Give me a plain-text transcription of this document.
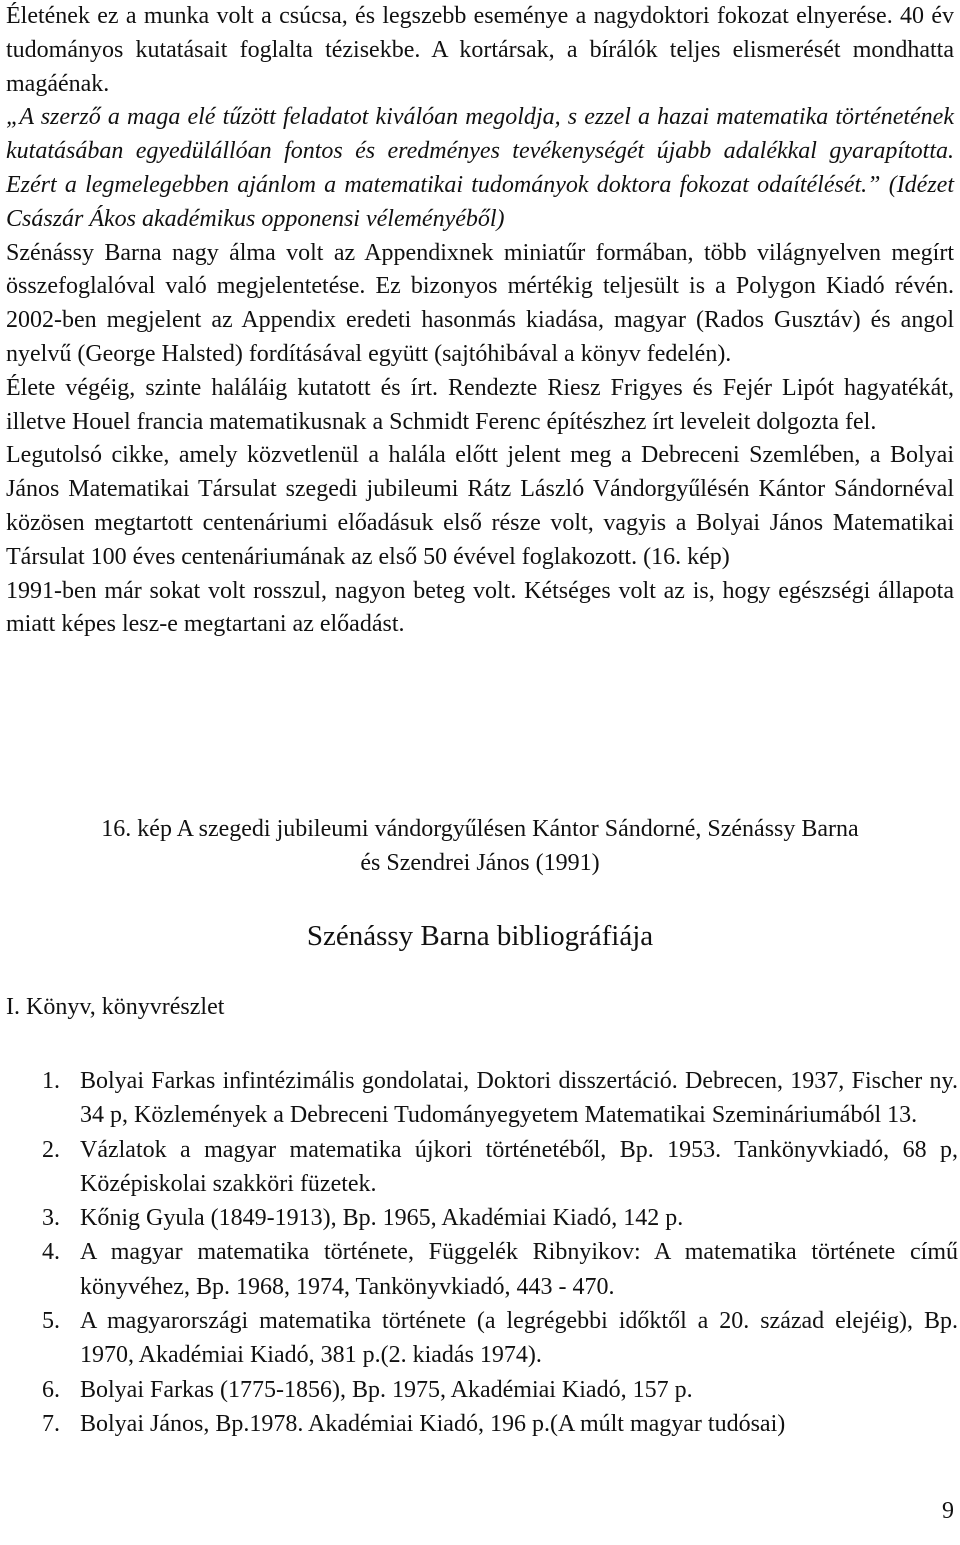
Életének ez a munka volt a csúcsa, és legszebb eseménye a nagydoktori fokozat elnyerése. 40 év tudományos kutatásait foglalta tézisekbe. A kortársak, a bírálók teljes elismerését mondhatta magáénak.

„A szerző a maga elé tűzött feladatot kiválóan megoldja, s ezzel a hazai matematika történetének kutatásában egyedülállóan fontos és eredményes tevékenységét újabb adalékkal gyarapította. Ezért a legmelegebben ajánlom a matematikai tudományok doktora fokozat odaítélését.” (Idézet Császár Ákos akadémikus opponensi véleményéből)

Szénássy Barna nagy álma volt az Appendixnek miniatűr formában, több világnyelven megírt összefoglalóval való megjelentetése. Ez bizonyos mértékig teljesült is a Polygon Kiadó révén. 2002-ben megjelent az Appendix eredeti hasonmás kiadása, magyar (Rados Gusztáv) és angol nyelvű (George Halsted) fordításával együtt (sajtóhibával a könyv fedelén).

Élete végéig, szinte haláláig kutatott és írt. Rendezte Riesz Frigyes és Fejér Lipót hagyatékát, illetve Houel francia matematikusnak a Schmidt Ferenc építészhez írt leveleit dolgozta fel.

Legutolsó cikke, amely közvetlenül a halála előtt jelent meg a Debreceni Szemlében, a Bolyai János Matematikai Társulat szegedi jubileumi Rátz László Vándorgyűlésén Kántor Sándornéval közösen megtartott centenáriumi előadásuk első része volt, vagyis a Bolyai János Matematikai Társulat 100 éves centenáriumának az első 50 évével foglakozott. (16. kép)

1991-ben már sokat volt rosszul, nagyon beteg volt. Kétséges volt az is, hogy egészségi állapota miatt képes lesz-e megtartani az előadást.

16. kép A szegedi jubileumi vándorgyűlésen Kántor Sándorné, Szénássy Barna
és Szendrei János (1991)

Szénássy Barna bibliográfiája
I. Könyv, könyvrészlet
1. Bolyai Farkas infintézimális gondolatai, Doktori disszertáció. Debrecen, 1937, Fischer ny. 34 p, Közlemények a Debreceni Tudományegyetem Matematikai Szemináriumából 13.
2. Vázlatok a magyar matematika újkori történetéből, Bp. 1953. Tankönyvkiadó, 68 p, Középiskolai szakköri füzetek.
3. Kőnig Gyula (1849-1913), Bp. 1965, Akadémiai Kiadó, 142 p.
4. A magyar matematika története, Függelék Ribnyikov: A matematika története című könyvéhez, Bp. 1968, 1974, Tankönyvkiadó, 443 - 470.
5. A magyarországi matematika története (a legrégebbi időktől a 20. század elejéig), Bp. 1970, Akadémiai Kiadó, 381 p.(2. kiadás 1974).
6. Bolyai Farkas (1775-1856), Bp. 1975, Akadémiai Kiadó, 157 p.
7. Bolyai János, Bp.1978. Akadémiai Kiadó, 196 p.(A múlt magyar tudósai)
9
